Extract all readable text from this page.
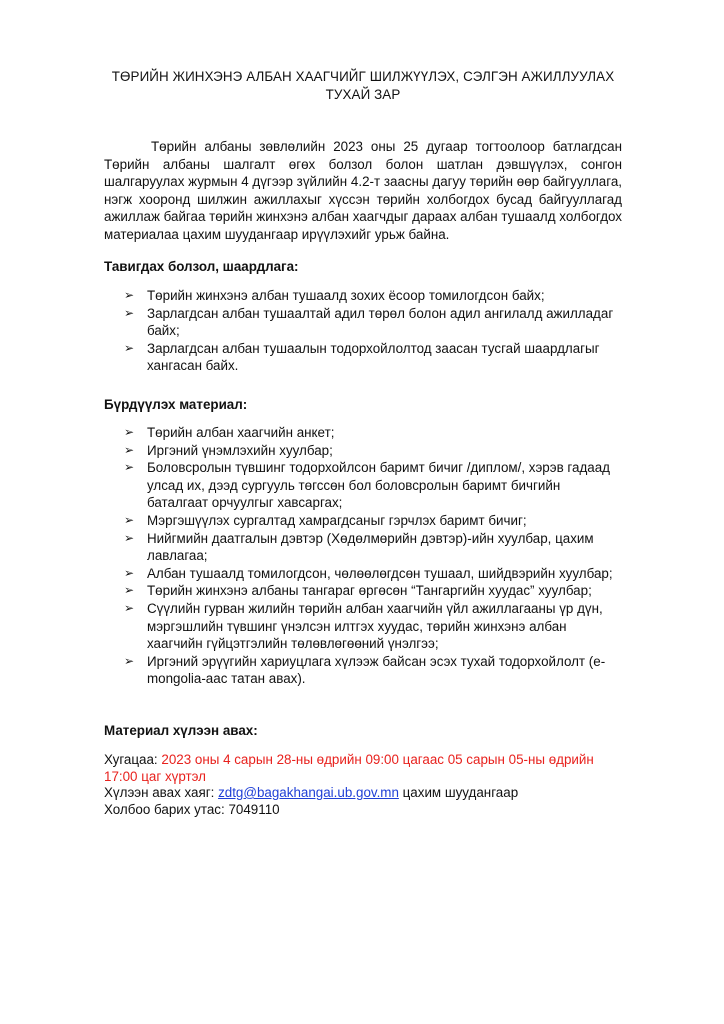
ТӨРИЙН ЖИНХЭНЭ АЛБАН ХААГЧИЙГ ШИЛЖҮҮЛЭХ, СЭЛГЭН АЖИЛЛУУЛАХ
ТУХАЙ ЗАР

Төрийн албаны зөвлөлийн 2023 оны 25 дугаар тогтоолоор батлагдсан Төрийн албаны шалгалт өгөх болзол болон шатлан дэвшүүлэх, сонгон шалгаруулах журмын 4 дүгээр зүйлийн 4.2-т заасны дагуу төрийн өөр байгууллага, нэгж хооронд шилжин ажиллахыг хүссэн төрийн холбогдох бусад байгууллагад ажиллаж байгаа төрийн жинхэнэ албан хаагчдыг дараах албан тушаалд холбогдох материалаа цахим шуудангаар ирүүлэхийг урьж байна.

Тавигдах болзол, шаардлага:
➢ Төрийн жинхэнэ албан тушаалд зохих ёсоор томилогдсон байх;
➢ Зарлагдсан албан тушаалтай адил төрөл болон адил ангилалд ажилладаг байх;
➢ Зарлагдсан албан тушаалын тодорхойлолтод заасан тусгай шаардлагыг хангасан байх.
Бүрдүүлэх материал:
➢ Төрийн албан хаагчийн анкет;
➢ Иргэний үнэмлэхийн хуулбар;
➢ Боловсролын түвшинг тодорхойлсон баримт бичиг /диплом/, хэрэв гадаад улсад их, дээд сургууль төгссөн бол боловсролын баримт бичгийн баталгаат орчуулгыг хавсаргах;
➢ Мэргэшүүлэх сургалтад хамрагдсаныг гэрчлэх баримт бичиг;
➢ Нийгмийн даатгалын дэвтэр (Хөдөлмөрийн дэвтэр)-ийн хуулбар, цахим лавлагаа;
➢ Албан тушаалд томилогдсон, чөлөөлөгдсөн тушаал, шийдвэрийн хуулбар;
➢ Төрийн жинхэнэ албаны тангараг өргөсөн “Тангаргийн хуудас” хуулбар;
➢ Сүүлийн гурван жилийн төрийн албан хаагчийн үйл ажиллагааны үр дүн, мэргэшлийн түвшинг үнэлсэн илтгэх хуудас, төрийн жинхэнэ албан хаагчийн гүйцэтгэлийн төлөвлөгөөний үнэлгээ;
➢ Иргэний эрүүгийн хариуцлага хүлээж байсан эсэх тухай тодорхойлолт (e-mongolia-аас татан авах).
Материал хүлээн авах:
Хугацаа: 2023 оны 4 сарын 28-ны өдрийн 09:00 цагаас 05 сарын 05-ны өдрийн 17:00 цаг хүртэл
Хүлээн авах хаяг: zdtg@bagakhangai.ub.gov.mn цахим шуудангаар
Холбоо барих утас: 7049110
